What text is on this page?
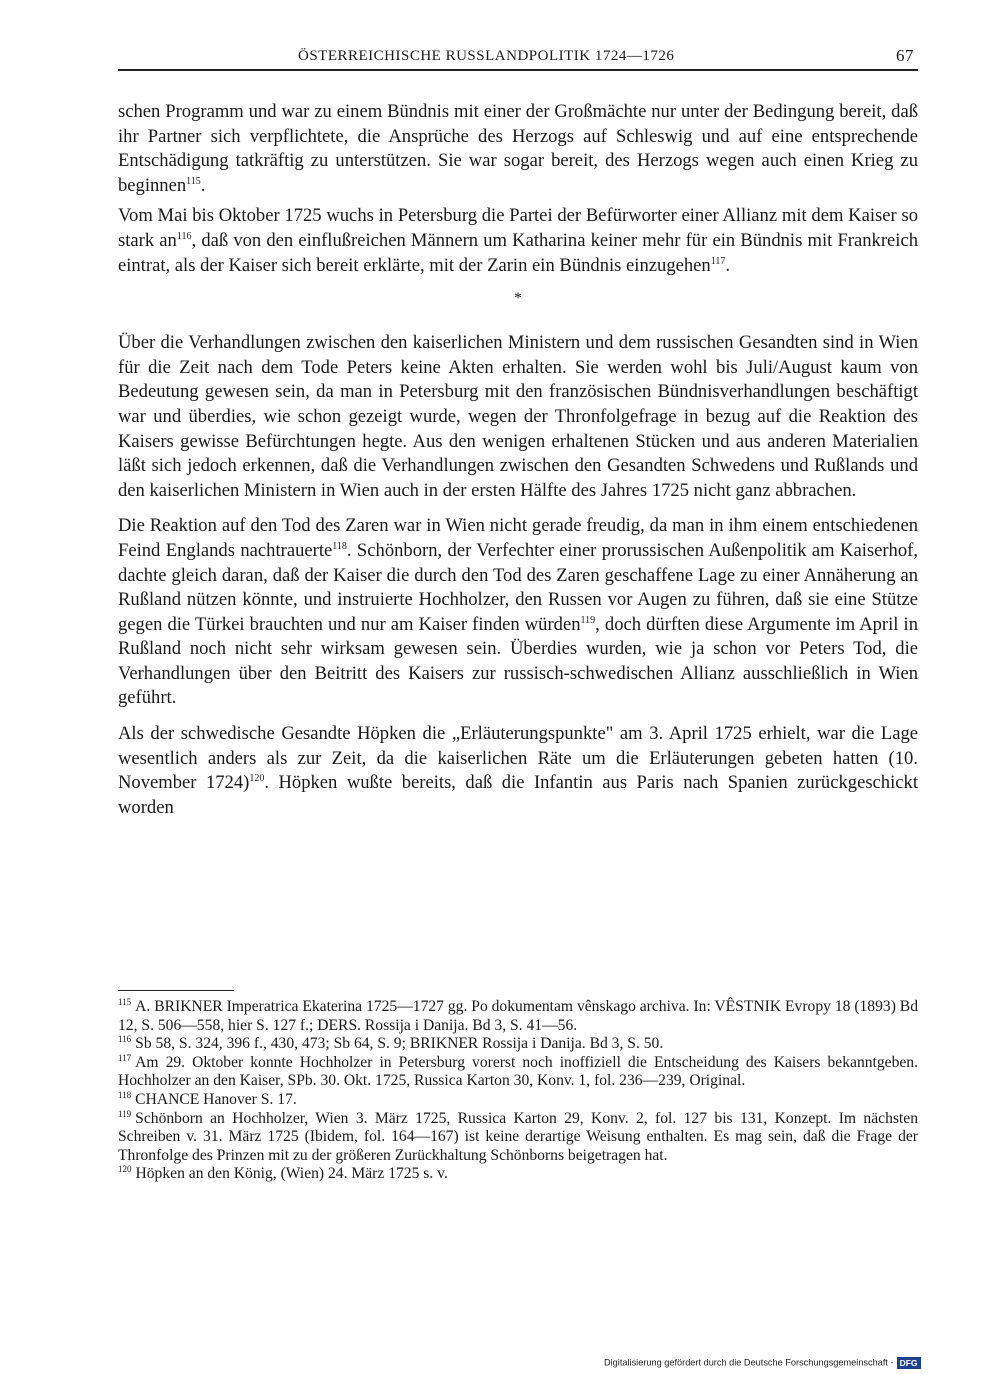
ÖSTERREICHISCHE RUSSLANDPOLITIK 1724—1726	67

schen Programm und war zu einem Bündnis mit einer der Großmächte nur unter der Bedingung bereit, daß ihr Partner sich verpflichtete, die Ansprüche des Herzogs auf Schleswig und auf eine entsprechende Entschädigung tatkräftig zu unterstützen. Sie war sogar bereit, des Herzogs wegen auch einen Krieg zu beginnen$^{115}$.

Vom Mai bis Oktober 1725 wuchs in Petersburg die Partei der Befürworter einer Allianz mit dem Kaiser so stark $an^{116}$, daß von den einflußreichen Männern um Katharina keiner mehr für ein Bündnis mit Frankreich eintrat, als der Kaiser sich bereit erklärte, mit der Zarin ein Bündnis einzugehen$^{117}$.

*

Über die Verhandlungen zwischen den kaiserlichen Ministern und dem russischen Gesandten sind in Wien für die Zeit nach dem Tode Peters keine Akten erhalten. Sie werden wohl bis Juli/August kaum von Bedeutung gewesen sein, da man in Petersburg mit den französischen Bündnisverhandlungen beschäftigt war und überdies, wie schon gezeigt wurde, wegen der Thronfolgefrage in bezug auf die Reaktion des Kaisers gewisse Befürchtungen hegte. Aus den wenigen erhaltenen Stücken und aus anderen Materialien läßt sich jedoch erkennen, daß die Verhandlungen zwischen den Gesandten Schwedens und Rußlands und den kaiserlichen Ministern in Wien auch in der ersten Hälfte des Jahres 1725 nicht ganz abbrachen.

Die Reaktion auf den Tod des Zaren war in Wien nicht gerade freudig, da man in ihm einem entschiedenen Feind Englands nachtrauerte$^{118}$. Schönborn, der Verfechter einer prorussischen Außenpolitik am Kaiserhof, dachte gleich daran, daß der Kaiser die durch den Tod des Zaren geschaffene Lage zu einer Annäherung an Rußland nützen könnte, und instruierte Hochholzer, den Russen vor Augen zu führen, daß sie eine Stütze gegen die Türkei brauchten und nur am Kaiser finden würden$^{119}$, doch dürften diese Argumente im April in Rußland noch nicht sehr wirksam gewesen sein. Überdies wurden, wie ja schon vor Peters Tod, die Verhandlungen über den Beitritt des Kaisers zur russisch-schwedischen Allianz ausschließlich in Wien geführt.

Als der schwedische Gesandte Höpken die „Erläuterungspunkte" am 3. April 1725 erhielt, war die Lage wesentlich anders als zur Zeit, da die kaiserlichen Räte um die Erläuterungen gebeten hatten (10. November 1724)$^{120}$. Höpken wußte bereits, daß die Infantin aus Paris nach Spanien zurückgeschickt worden

$^{115}$ A. BRIKNER Imperatrica Ekaterina 1725—1727 gg. Po dokumentam vênskago archiva. In: VÊSTNIK Evropy 18 (1893) Bd 12, S. 506—558, hier S. 127 f.; DERS. Rossija i Danija. Bd 3, S. 41—56.

$^{116}$ Sb 58, S. 324, 396 f., 430, 473; Sb 64, S. 9; BRIKNER Rossija i Danija. Bd 3, S. 50.

$^{117}$ Am 29. Oktober konnte Hochholzer in Petersburg vorerst noch inoffiziell die Entscheidung des Kaisers bekanntgeben. Hochholzer an den Kaiser, SPb. 30. Okt. 1725, Russica Karton 30, Konv. 1, fol. 236—239, Original.

$^{118}$ CHANCE Hanover S. 17.

$^{119}$ Schönborn an Hochholzer, Wien 3. März 1725, Russica Karton 29, Konv. 2, fol. 127 bis 131, Konzept. Im nächsten Schreiben v. 31. März 1725 (Ibidem, fol. 164—167) ist keine derartige Weisung enthalten. Es mag sein, daß die Frage der Thronfolge des Prinzen mit zu der größeren Zurückhaltung Schönborns beigetragen hat.

$^{120}$ Höpken an den König, (Wien) 24. März 1725 s. v.

Digitalisierung gefördert durch die Deutsche Forschungsgemeinschaft - DFG
